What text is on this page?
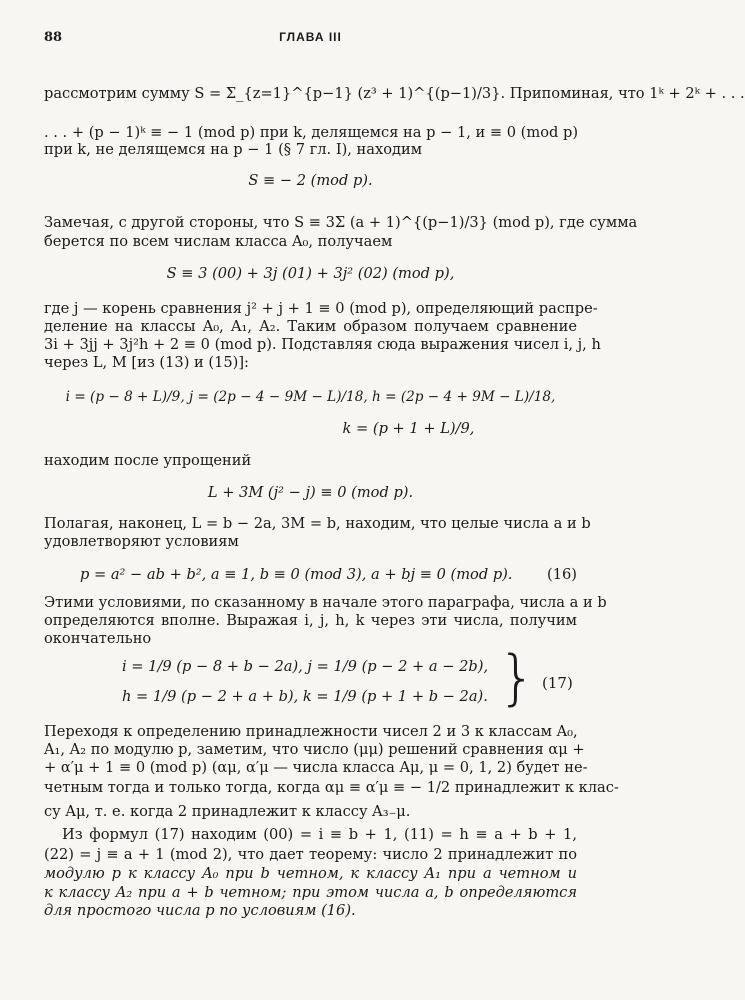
88	ГЛАВА III
рассмотрим сумму S = Σ_{z=1}^{p−1} (z³ + 1)^{(p−1)/3}. Припоминая, что 1ᵏ + 2ᵏ + . . .
. . . + (p − 1)ᵏ ≡ − 1 (mod p) при k, делящемся на p − 1, и ≡ 0 (mod p)
при k, не делящемся на p − 1 (§ 7 гл. I), находим
S ≡ − 2 (mod p).
Замечая, с другой стороны, что S ≡ 3Σ (a + 1)^{(p−1)/3} (mod p), где сумма
берется по всем числам класса A₀, получаем
S ≡ 3 (00) + 3j (01) + 3j² (02) (mod p),
где j — корень сравнения j² + j + 1 ≡ 0 (mod p), определяющий распре-
деление на классы A₀, A₁, A₂. Таким образом получаем сравнение
3i + 3jj + 3j²h + 2 ≡ 0 (mod p). Подставляя сюда выражения чисел i, j, h
через L, M [из (13) и (15)]:
i = (p − 8 + L)/9, j = (2p − 4 − 9M − L)/18, h = (2p − 4 + 9M − L)/18,
k = (p + 1 + L)/9,
находим после упрощений
L + 3M (j² − j) ≡ 0 (mod p).
Полагая, наконец, L = b − 2a, 3M = b, находим, что целые числа a и b
удовлетворяют условиям
p = a² − ab + b², a ≡ 1, b ≡ 0 (mod 3), a + bj ≡ 0 (mod p).	(16)
Этими условиями, по сказанному в начале этого параграфа, числа a и b
определяются вполне. Выражая i, j, h, k через эти числа, получим
окончательно
i = 1/9 (p − 8 + b − 2a), j = 1/9 (p − 2 + a − 2b),
h = 1/9 (p − 2 + a + b), k = 1/9 (p + 1 + b − 2a). } (17)
Переходя к определению принадлежности чисел 2 и 3 к классам A₀,
A₁, A₂ по модулю p, заметим, что число (μμ) решений сравнения αμ +
+ α′μ + 1 ≡ 0 (mod p) (αμ, α′μ — числа класса Aμ, μ = 0, 1, 2) будет не-
четным тогда и только тогда, когда αμ ≡ α′μ ≡ − 1/2 принадлежит к клас-
су Aμ, т. е. когда 2 принадлежит к классу A₃₋μ.
Из формул (17) находим (00) = i ≡ b + 1, (11) = h ≡ a + b + 1,
(22) = j ≡ a + 1 (mod 2), что дает теорему: число 2 принадлежит по
модулю p к классу A₀ при b четном, к классу A₁ при a четном и
к классу A₂ при a + b четном; при этом числа a, b определяются
для простого числа p по условиям (16).
